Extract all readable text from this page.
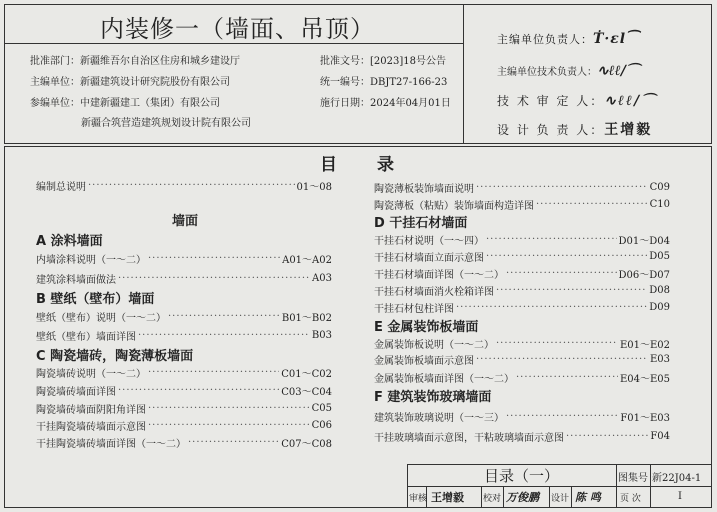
内装修一（墙面、吊顶）
批准部门：新疆维吾尔自治区住房和城乡建设厅
主编单位：新疆建筑设计研究院股份有限公司
参编单位：中建新疆建工（集团）有限公司
新疆合筑营造建筑规划设计院有限公司
批准文号：[2023]18号公告
统一编号：DBJT27-166-23
施行日期：2024年04月01日
主编单位负责人：Ṫ·ɛl⁀
主编单位技术负责人：∿ℓℓ∕⌒
技 术 审 定 人：∿ℓℓ∕⌒
设 计 负 责 人：王增毅
目录
编制总说明 ·····	01～08
墙面
A 涂料墙面
内墙涂料说明（一～二） ·····	A01～A02
建筑涂料墙面做法 ·····	A03
B 壁纸（壁布）墙面
壁纸（壁布）说明（一～二） ·····	B01～B02
壁纸（壁布）墙面详图 ·····	B03
C 陶瓷墙砖，陶瓷薄板墙面
陶瓷墙砖说明（一～二） ·····	C01～C02
陶瓷墙砖墙面详图 ·····	C03～C04
陶瓷墙砖墙面阴阳角详图 ·····	C05
干挂陶瓷墙砖墙面示意图 ·····	C06
干挂陶瓷墙砖墙面详图（一～二） ·····	C07～C08
陶瓷薄板装饰墙面说明 ·····	C09
陶瓷薄板（粘贴）装饰墙面构造详图 ·····	C10
D 干挂石材墙面
干挂石材说明（一～四） ·····	D01～D04
干挂石材墙面立面示意图 ·····	D05
干挂石材墙面详图（一～二） ·····	D06～D07
干挂石材墙面消火栓箱详图 ·····	D08
干挂石材包柱详图 ·····	D09
E 金属装饰板墙面
金属装饰板说明（一～二） ·····	E01～E02
金属装饰板墙面示意图 ·····	E03
金属装饰板墙面详图（一～二） ·····	E04～E05
F 建筑装饰玻璃墙面
建筑装饰玻璃说明（一～三） ·····	F01～E03
干挂玻璃墙面示意图，干粘玻璃墙面示意图 ·····	F04
目录（一）	图集号 新22J04-1
审核 王增毅 校对 万俊鹏 设计 陈 鸣 页 次	I
